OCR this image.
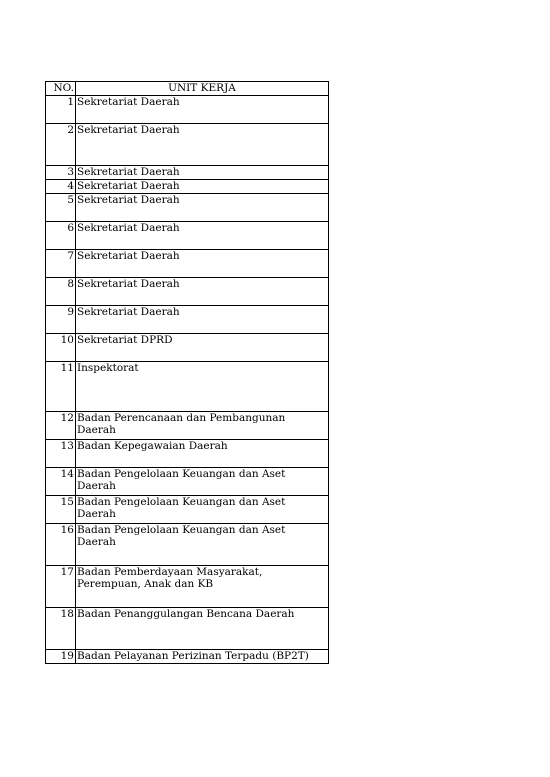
NO.	UNIT KERJA
1	Sekretariat Daerah
2	Sekretariat Daerah
3	Sekretariat Daerah
4	Sekretariat Daerah
5	Sekretariat Daerah
6	Sekretariat Daerah
7	Sekretariat Daerah
8	Sekretariat Daerah
9	Sekretariat Daerah
10	Sekretariat DPRD
11	Inspektorat
12	Badan Perencanaan dan Pembangunan Daerah
13	Badan Kepegawaian Daerah
14	Badan Pengelolaan Keuangan dan Aset Daerah
15	Badan Pengelolaan Keuangan dan Aset Daerah
16	Badan Pengelolaan Keuangan dan Aset Daerah
17	Badan Pemberdayaan Masyarakat, Perempuan, Anak dan KB
18	Badan Penanggulangan Bencana Daerah
19	Badan Pelayanan Perizinan Terpadu (BP2T)
